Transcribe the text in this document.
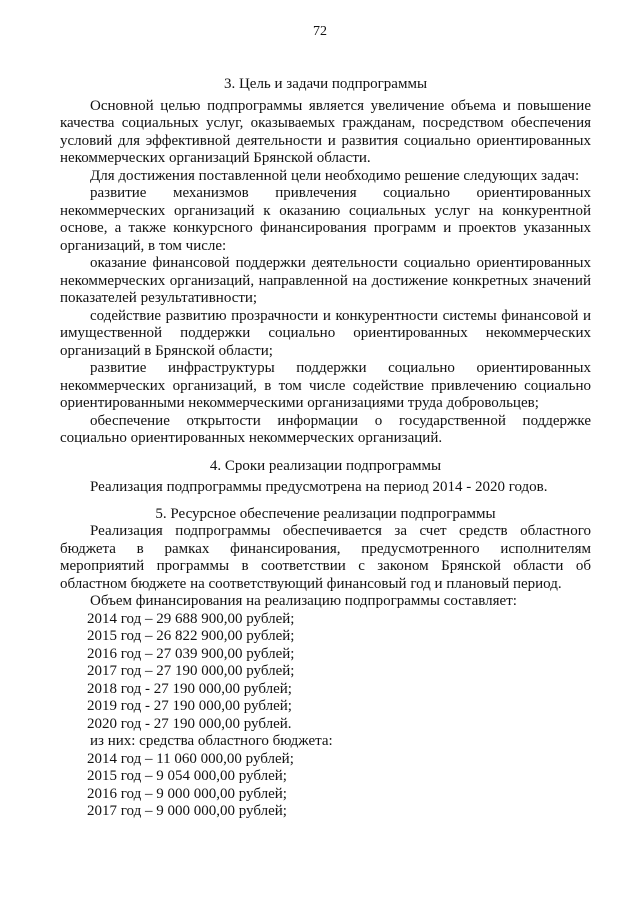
72

3. Цель и задачи подпрограммы

Основной целью подпрограммы является увеличение объема и повышение качества социальных услуг, оказываемых гражданам, посредством обеспечения условий для эффективной деятельности и развития социально ориентированных некоммерческих организаций Брянской области.

Для достижения поставленной цели необходимо решение следующих задач:

развитие механизмов привлечения социально ориентированных некоммерческих организаций к оказанию социальных услуг на конкурентной основе, а также конкурсного финансирования программ и проектов указанных организаций, в том числе:

оказание финансовой поддержки деятельности социально ориентированных некоммерческих организаций, направленной на достижение конкретных значений показателей результативности;

содействие развитию прозрачности и конкурентности системы финансовой и имущественной поддержки социально ориентированных некоммерческих организаций в Брянской области;

развитие инфраструктуры поддержки социально ориентированных некоммерческих организаций, в том числе содействие привлечению социально ориентированными некоммерческими организациями труда добровольцев;

обеспечение открытости информации о государственной поддержке социально ориентированных некоммерческих организаций.

4. Сроки реализации подпрограммы

Реализация подпрограммы предусмотрена на период 2014 - 2020 годов.

5. Ресурсное обеспечение реализации подпрограммы

Реализация подпрограммы обеспечивается за счет средств областного бюджета в рамках финансирования, предусмотренного исполнителям мероприятий программы в соответствии с законом Брянской области об областном бюджете на соответствующий финансовый год и плановый период.

Объем финансирования на реализацию подпрограммы составляет:

2014 год – 29 688 900,00 рублей;
2015 год – 26 822 900,00 рублей;
2016 год – 27 039 900,00 рублей;
2017 год – 27 190 000,00 рублей;
2018 год - 27 190 000,00 рублей;
2019 год - 27 190 000,00 рублей;
2020 год - 27 190 000,00 рублей.

из них: средства областного бюджета:

2014 год – 11 060 000,00 рублей;
2015 год – 9 054 000,00 рублей;
2016 год – 9 000 000,00 рублей;
2017 год – 9 000 000,00 рублей;
